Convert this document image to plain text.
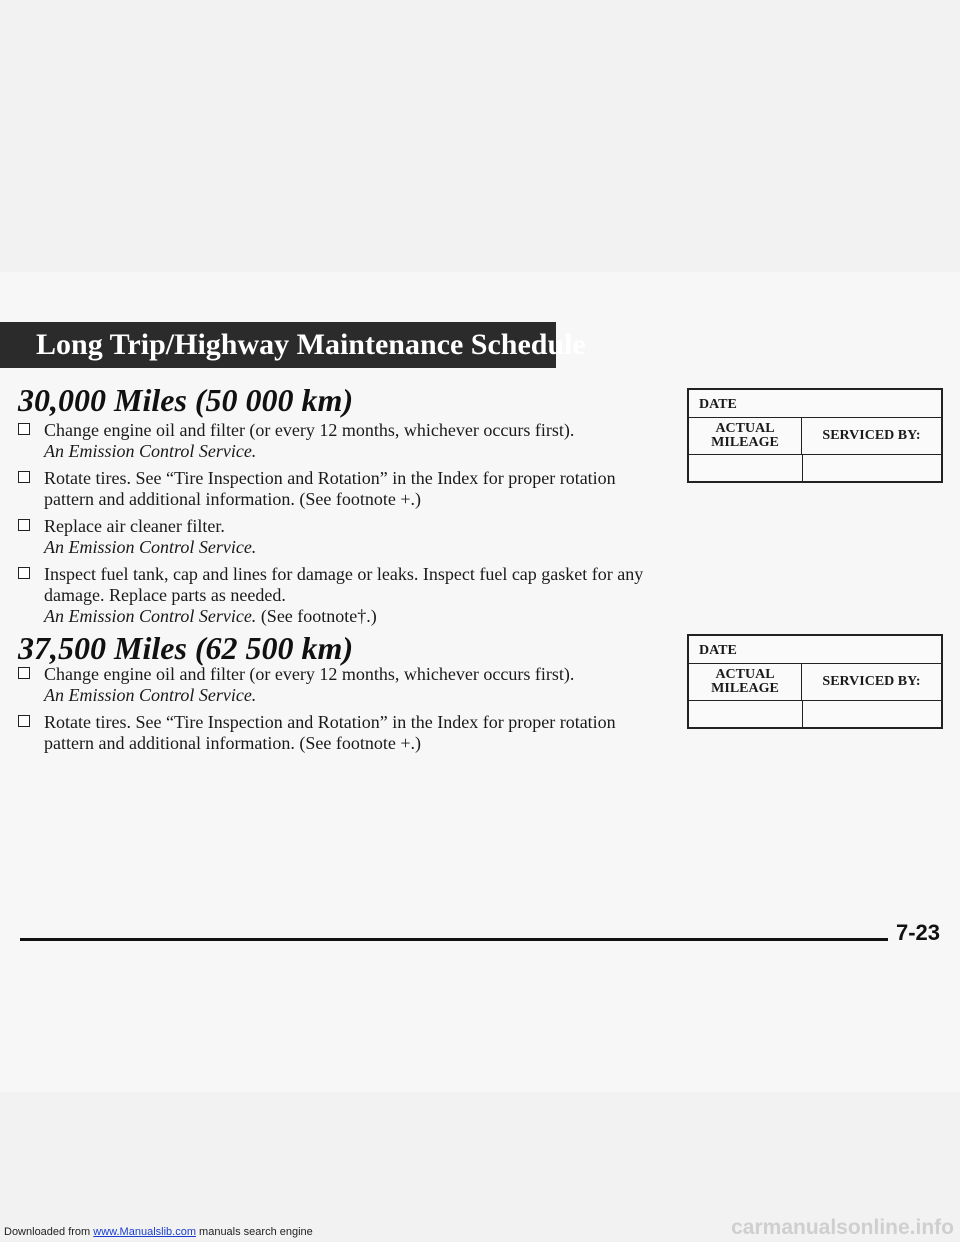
Long Trip/Highway Maintenance Schedule
30,000 Miles (50 000 km)
Change engine oil and filter (or every 12 months, whichever occurs first).
An Emission Control Service.
Rotate tires. See “Tire Inspection and Rotation” in the Index for proper rotation pattern and additional information. (See footnote +.)
Replace air cleaner filter.
An Emission Control Service.
Inspect fuel tank, cap and lines for damage or leaks. Inspect fuel cap gasket for any damage. Replace parts as needed.
An Emission Control Service. (See footnote†.)
DATE
ACTUAL
MILEAGE	SERVICED BY:
37,500 Miles (62 500 km)
Change engine oil and filter (or every 12 months, whichever occurs first).
An Emission Control Service.
Rotate tires. See “Tire Inspection and Rotation” in the Index for proper rotation pattern and additional information. (See footnote +.)
DATE
ACTUAL
MILEAGE	SERVICED BY:
7-23
Downloaded from www.Manualslib.com manuals search engine	carmanualsonline.info
